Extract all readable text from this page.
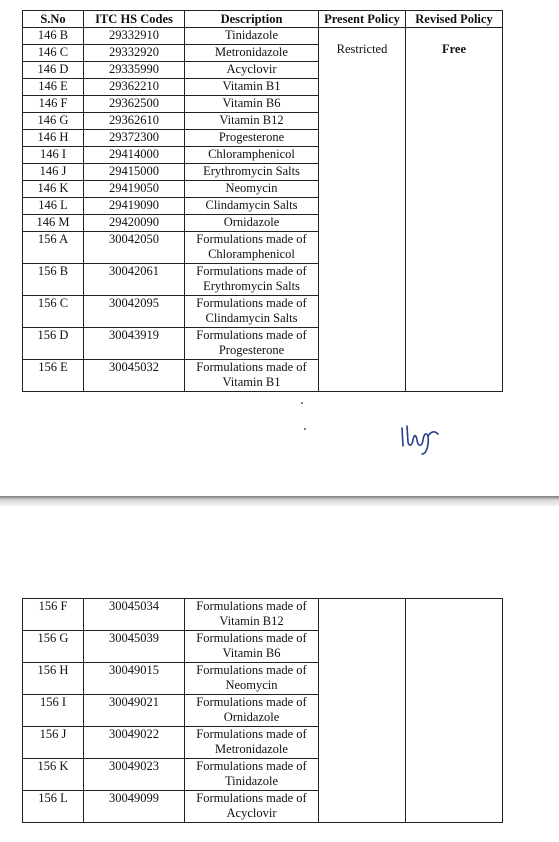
S.No	ITC HS Codes	Description	Present Policy	Revised Policy
146 B	29332910	Tinidazole	Restricted	Free
146 C	29332920	Metronidazole		

146 D	29335990	Acyclovir		

146 E	29362210	Vitamin B1		

146 F	29362500	Vitamin B6		

146 G	29362610	Vitamin B12		

146 H	29372300	Progesterone		

146 I	29414000	Chloramphenicol		

146 J	29415000	Erythromycin Salts		

146 K	29419050	Neomycin		

146 L	29419090	Clindamycin Salts		

146 M	29420090	Ornidazole		

156 A	30042050	Formulations made of
Chloramphenicol		

156 B	30042061	Formulations made of
Erythromycin Salts		

156 C	30042095	Formulations made of
Clindamycin Salts		

156 D	30043919	Formulations made of
Progesterone		

156 E	30045032	Formulations made of
Vitamin B1		
156 F	30045034	Formulations made of
Vitamin B12		

156 G	30045039	Formulations made of
Vitamin B6		

156 H	30049015	Formulations made of
Neomycin		

156 I	30049021	Formulations made of
Ornidazole		

156 J	30049022	Formulations made of
Metronidazole		

156 K	30049023	Formulations made of
Tinidazole		

156 L	30049099	Formulations made of
Acyclovir		
